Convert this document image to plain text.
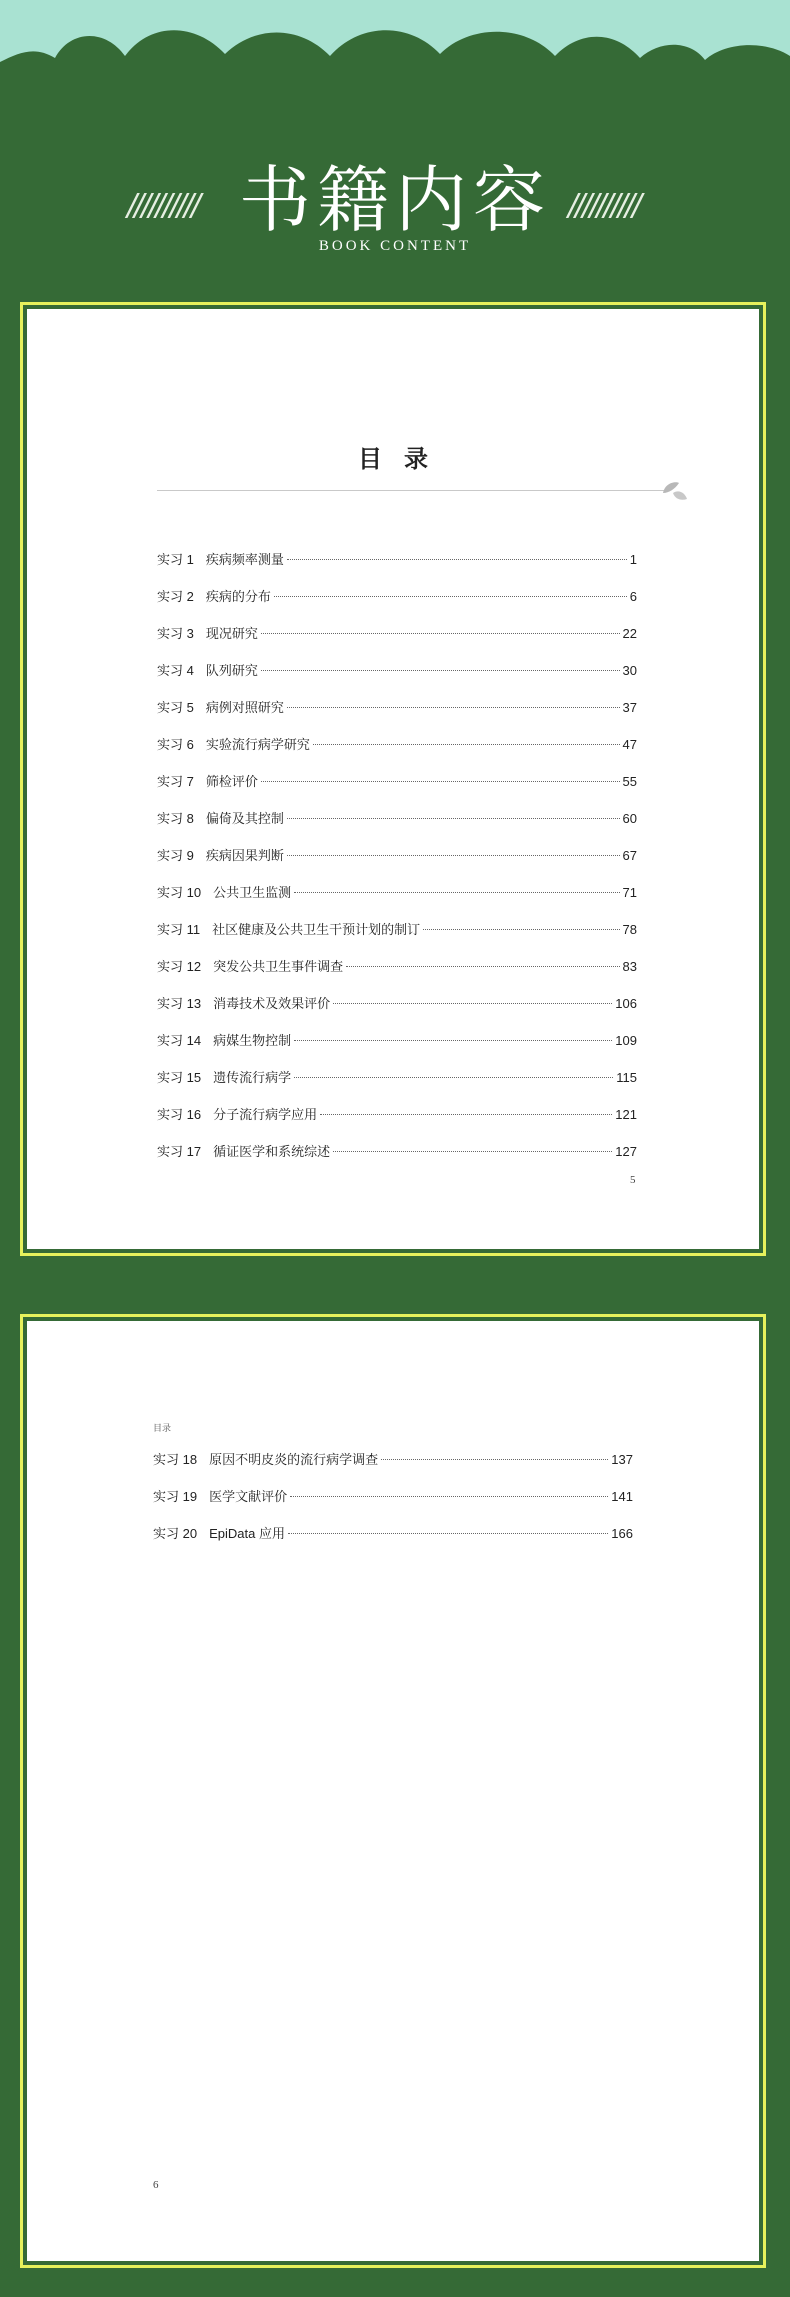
////////// 书籍内容 //////////
BOOK CONTENT
目录
实习 1 疾病频率测量	1
实习 2 疾病的分布	6
实习 3 现况研究	22
实习 4 队列研究	30
实习 5 病例对照研究	37
实习 6 实验流行病学研究	47
实习 7 筛检评价	55
实习 8 偏倚及其控制	60
实习 9 疾病因果判断	67
实习 10 公共卫生监测	71
实习 11 社区健康及公共卫生干预计划的制订	78
实习 12 突发公共卫生事件调查	83
实习 13 消毒技术及效果评价	106
实习 14 病媒生物控制	109
实习 15 遗传流行病学	115
实习 16 分子流行病学应用	121
实习 17 循证医学和系统综述	127
5
目录
实习 18 原因不明皮炎的流行病学调查	137
实习 19 医学文献评价	141
实习 20 EpiData 应用	166
6
